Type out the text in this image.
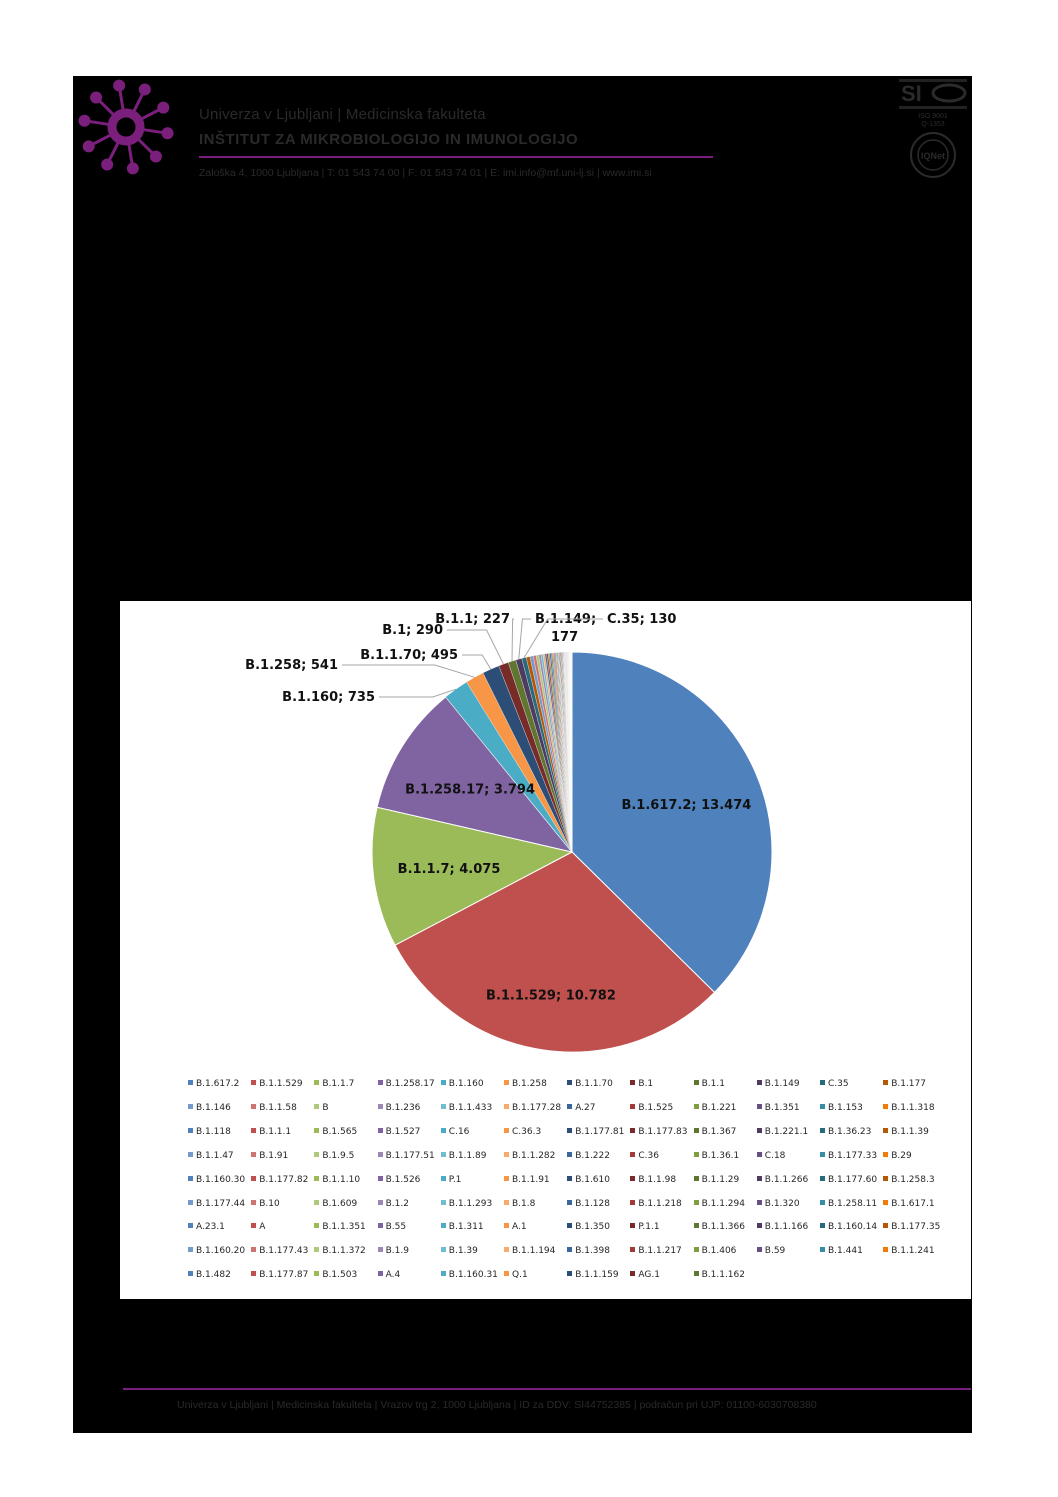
Univerza v Ljubljani | Medicinska fakulteta
INŠTITUT ZA MIKROBIOLOGIJO IN IMUNOLOGIJO
Zaloška 4, 1000 Ljubljana | T: 01 543 74 00 | F: 01 543 74 01 | E: imi.info@mf.uni-lj.si | www.imi.si
SI
ISO 9001
Q-1353
IQNet
B.1.617.2; 13.474
B.1.1.529; 10.782
B.1.1.7; 4.075
B.1.258.17; 3.794
B.1.160; 735
B.1.258; 541
B.1.1.70; 495
B.1; 290
B.1.1; 227 B.1.149;
177
C.35; 130
B.1.617.2	B.1.1.529	B.1.1.7	B.1.258.17	B.1.160	B.1.258	B.1.1.70	B.1	B.1.1	B.1.149	C.35	B.1.177
B.1.146	B.1.1.58	B	B.1.236	B.1.1.433	B.1.177.28	A.27	B.1.525	B.1.221	B.1.351	B.1.153	B.1.1.318
B.1.118	B.1.1.1	B.1.565	B.1.527	C.16	C.36.3	B.1.177.81	B.1.177.83	B.1.367	B.1.221.1	B.1.36.23	B.1.1.39
B.1.1.47	B.1.91	B.1.9.5	B.1.177.51	B.1.1.89	B.1.1.282	B.1.222	C.36	B.1.36.1	C.18	B.1.177.33	B.29
B.1.160.30	B.1.177.82	B.1.1.10	B.1.526	P.1	B.1.1.91	B.1.610	B.1.1.98	B.1.1.29	B.1.1.266	B.1.177.60	B.1.258.3
B.1.177.44	B.10	B.1.609	B.1.2	B.1.1.293	B.1.8	B.1.128	B.1.1.218	B.1.1.294	B.1.320	B.1.258.11	B.1.617.1
A.23.1	A	B.1.1.351	B.55	B.1.311	A.1	B.1.350	P.1.1	B.1.1.366	B.1.1.166	B.1.160.14	B.1.177.35
B.1.160.20	B.1.177.43	B.1.1.372	B.1.9	B.1.39	B.1.1.194	B.1.398	B.1.1.217	B.1.406	B.59	B.1.441	B.1.1.241
B.1.482	B.1.177.87	B.1.503	A.4	B.1.160.31	Q.1	B.1.1.159	AG.1	B.1.1.162
Univerza v Ljubljani | Medicinska fakulteta | Vrazov trg 2, 1000 Ljubljana | ID za DDV: SI44752385 | podračun pri UJP: 01100-6030708380
